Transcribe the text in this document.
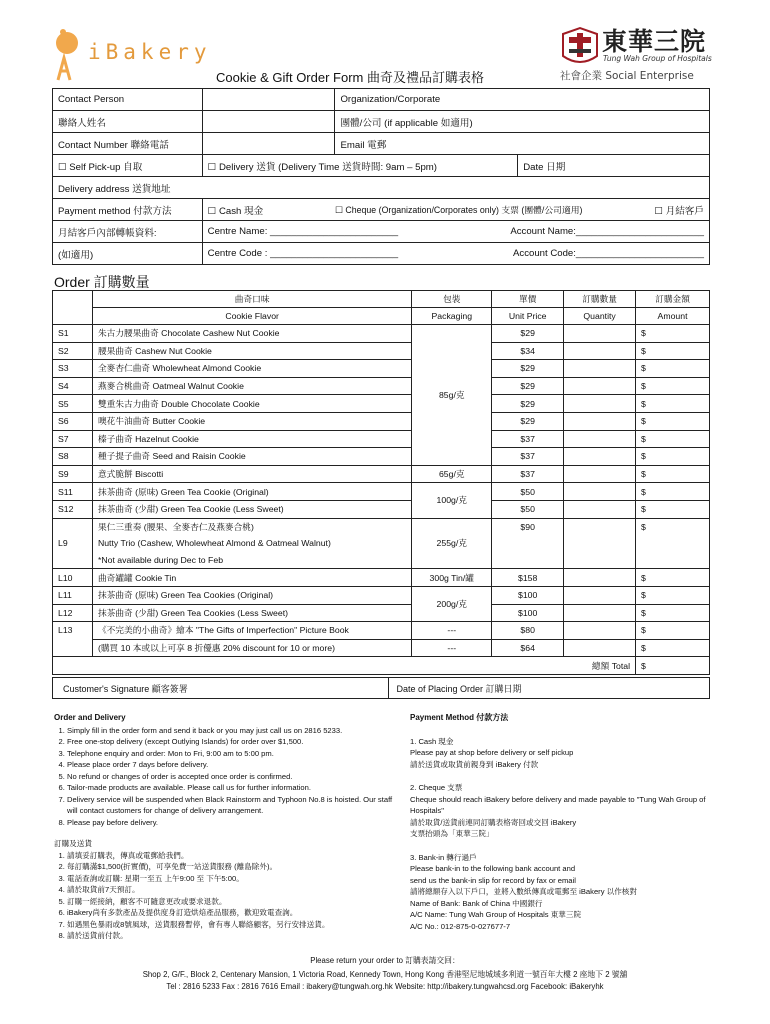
iBakery	東華三院
Tung Wah Group of Hospitals
社會企業 Social Enterprise
Cookie & Gift Order Form 曲奇及禮品訂購表格
Contact Person		Organization/Corporate	
聯絡人姓名		團體/公司 (if applicable 如適用)	
Contact Number 聯絡電話		Email 電郵	
☐ Self Pick-up 自取	☐ Delivery 送貨 (Delivery Time 送貨時間: 9am – 5pm)		Date 日期
Delivery address 送貨地址			
Payment method 付款方法	☐ Cash 現金 ☐ Cheque (Organization/Corporates only) 支票 (團體/公司適用) ☐ 月結客戶		

月結客戶內部轉帳資料:	Centre Name: ________________________ Account Name:________________________		

(如適用)	Centre Code : ________________________ Account Code:________________________		
Order 訂購數量
	曲奇口味	包裝	單價	訂購數量	訂購金額
	Cookie Flavor	Packaging	Unit Price	Quantity	Amount
S1	朱古力腰果曲奇 Chocolate Cashew Nut Cookie	85g/克	$29		$
S2	腰果曲奇 Cashew Nut Cookie		$34		$
S3	全麥杏仁曲奇 Wholewheat Almond Cookie		$29		$
S4	燕麥合桃曲奇 Oatmeal Walnut Cookie		$29		$
S5	雙重朱古力曲奇 Double Chocolate Cookie		$29		$
S6	噢花牛油曲奇 Butter Cookie		$29		$
S7	榛子曲奇 Hazelnut Cookie		$37		$
S8	種子提子曲奇 Seed and Raisin Cookie		$37		$
S9	意式脆餅 Biscotti	65g/克	$37		$
S11	抹茶曲奇 (原味) Green Tea Cookie (Original)	100g/克	$50		$
S12	抹茶曲奇 (少甜) Green Tea Cookie (Less Sweet)		$50		$
L9	果仁三重奏 (腰果、全麥杏仁及燕麥合桃)	255g/克	$90		$
	Nutty Trio (Cashew, Wholewheat Almond & Oatmeal Walnut)				
	*Not available during Dec to Feb				
L10	曲奇罐罐 Cookie Tin	300g Tin/罐	$158		$
L11	抹茶曲奇 (原味) Green Tea Cookies (Original)	200g/克	$100		$
L12	抹茶曲奇 (少甜) Green Tea Cookies (Less Sweet)		$100		$
L13	《不完美的小曲奇》繪本 "The Gifts of Imperfection" Picture Book	---	$80		$
	(購買 10 本或以上可享 8 折優惠 20% discount for 10 or more)	---	$64		$
總額 Total					$
Customer's Signature 顧客簽署	Date of Placing Order 訂購日期

Order and Delivery

1. Simply fill in the order form and send it back or you may just call us on 2816 5233.
2. Free one-stop delivery (except Outlying Islands) for order over $1,500.
3. Telephone enquiry and order: Mon to Fri, 9:00 am to 5:00 pm.
4. Please place order 7 days before delivery.
5. No refund or changes of order is accepted once order is confirmed.
6. Tailor-made products are available. Please call us for further information.
7. Delivery service will be suspended when Black Rainstorm and Typhoon No.8 is hoisted. Our staff will contact customers for change of delivery arrangement.
8. Please pay before delivery.

訂購及送貨

1. 請填妥訂購表，傳真或電郵給我們。
2. 每訂購滿$1,500(折實價)，可享免費一站送貨服務 (離島除外)。
3. 電話查詢或訂購: 星期一至五 上午9:00 至 下午5:00。
4. 請於取貨前7天預訂。
5. 訂購一經接納，顧客不可隨意更改或要求退款。
6. iBakery尚有多款產品及提供度身訂造烘焙產品服務，歡迎致電查詢。
7. 如遇黑色暴雨或8號風球，送貨服務暫停，會有專人聯絡顧客，另行安排送貨。
8. 請於送貨前付款。

Payment Method 付款方法

1. Cash 現金

Please pay at shop before delivery or self pickup

請於送貨或取貨前親身到 iBakery 付款

2. Cheque 支票

Cheque should reach iBakery before delivery and made payable to "Tung Wah Group of Hospitals"

請於取貨/送貨前連同訂購表格寄回或交回 iBakery

支票抬頭為「東華三院」

3. Bank-in 轉行過戶

Please bank-in to the following bank account and

send us the bank-in slip for record by fax or email

請將總額存入以下戶口，並將入數紙傳真或電郵至 iBakery 以作核對

Name of Bank: Bank of China 中國銀行

A/C Name: Tung Wah Group of Hospitals 東華三院

A/C No.: 012-875-0-027677-7

Please return your order to 訂購表請交回：
Shop 2, G/F., Block 2, Centenary Mansion, 1 Victoria Road, Kennedy Town, Hong Kong 香港堅尼地城域多利道一號百年大樓 2 座地下 2 號舖
Tel : 2816 5233 Fax : 2816 7616 Email : ibakery@tungwah.org.hk Website: http://ibakery.tungwahcsd.org Facebook: iBakeryhk
